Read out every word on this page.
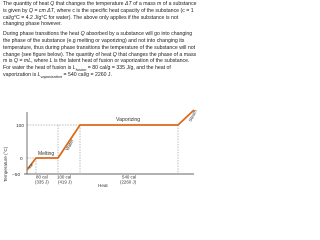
The quantity of heat Q that changes the temperature ΔT of a mass m of a substance is given by Q = cm ΔT, where c is the specific heat capacity of the substance (c = 1 cal/g°C = 4.2 J/g°C for water). The above only applies if the substance is not changing phase however.

During phase transitions the heat Q absorbed by a substance will go into changing the phase of the substance (e.g melting or vaporizing) and not into changing its temperature, thus during phase transitions the temperature of the substance will not change (see figure below). The quantity of heat Q that changes the phase of a mass m is Q = mL, where L is the latent heat of fusion or vaporization of the substance. For water the heat of fusion is $L_{fusion} = 80$ cal/g = 335 J/g, and the heat of vaporization is $L_{vaporization} = 540$ cal/g = 2260 J.

Temperature (°C)
100
0
−50
Vaporizing
Melting
Water
Ice
Steam
80 cal
(335 J)
100 cal
(419 J)
540 cal
(2260 J)
Heat
